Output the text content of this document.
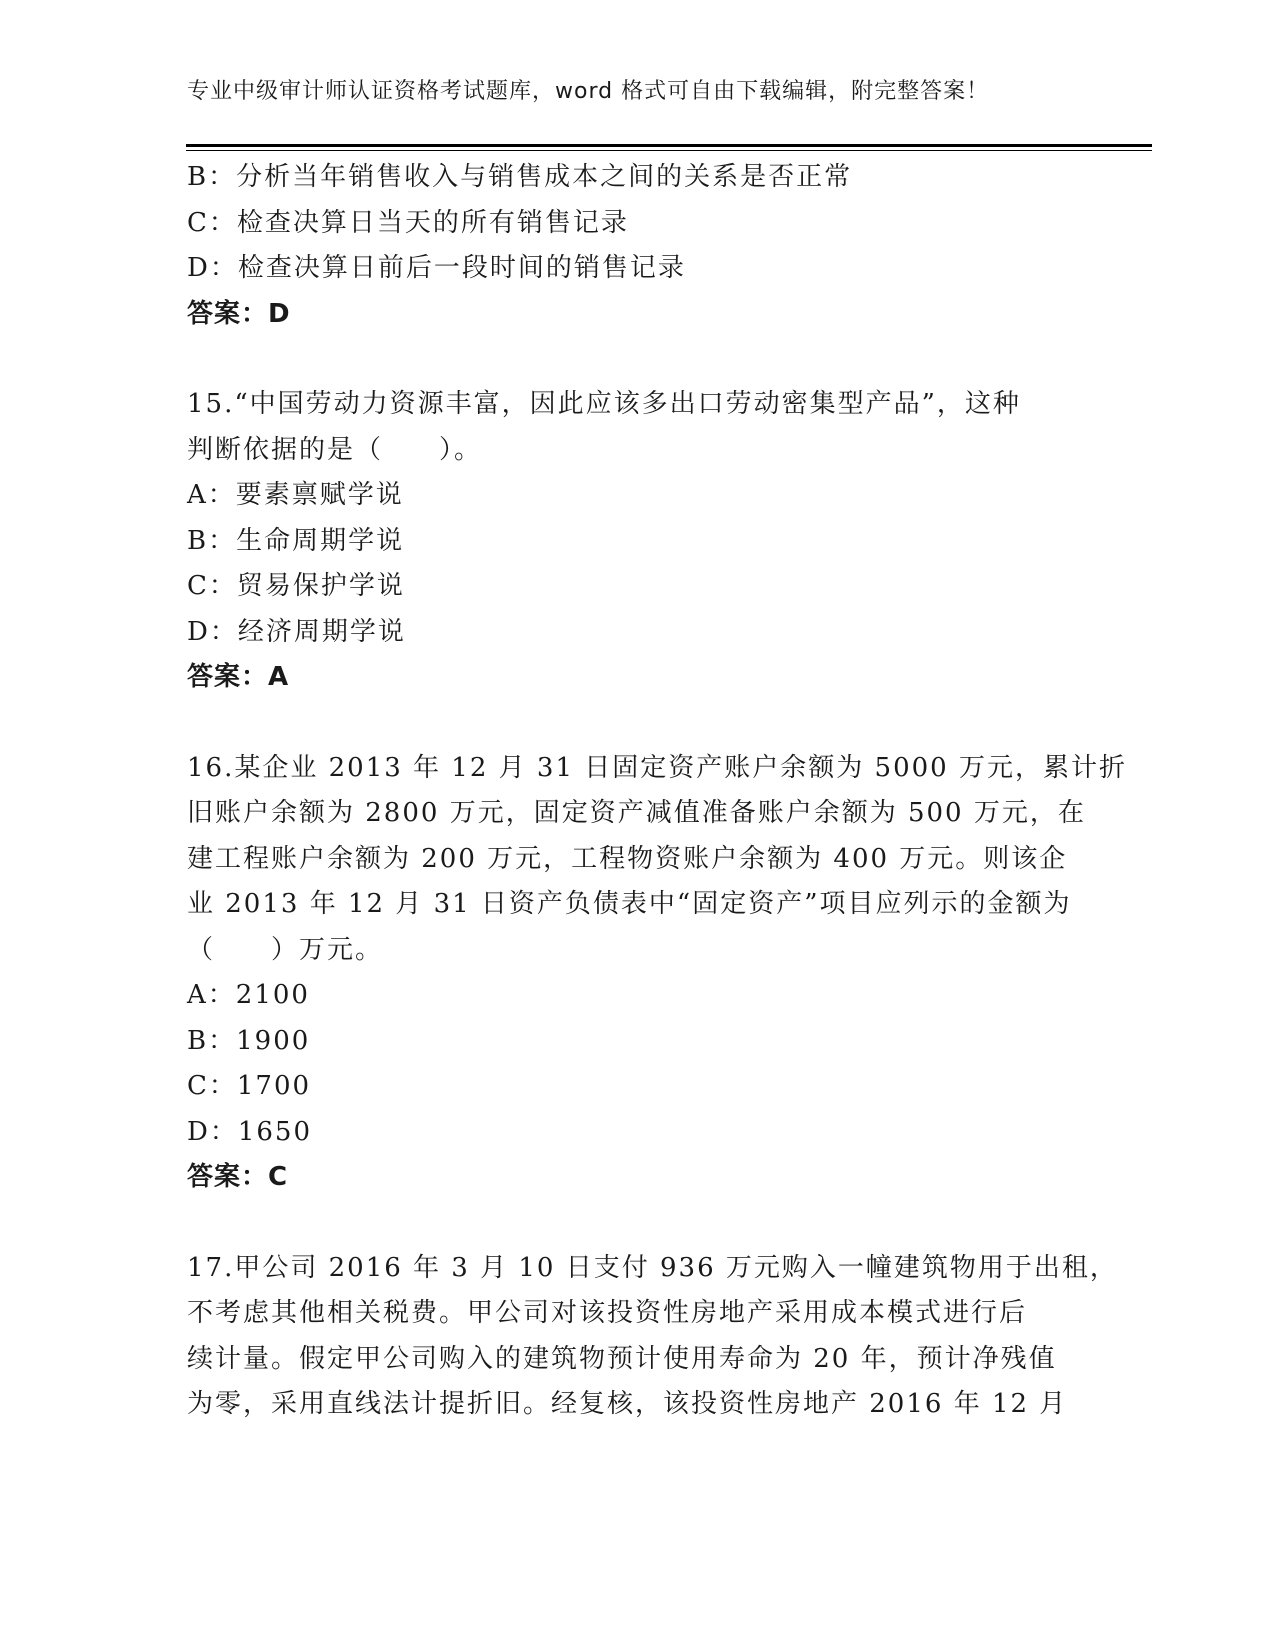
专业中级审计师认证资格考试题库，word 格式可自由下载编辑，附完整答案！
B：分析当年销售收入与销售成本之间的关系是否正常
C：检查决算日当天的所有销售记录
D：检查决算日前后一段时间的销售记录
答案：D
15.“中国劳动力资源丰富，因此应该多出口劳动密集型产品”，这种
判断依据的是（　　）。
A：要素禀赋学说
B：生命周期学说
C：贸易保护学说
D：经济周期学说
答案：A
16.某企业 2013 年 12 月 31 日固定资产账户余额为 5000 万元，累计折
旧账户余额为 2800 万元，固定资产减值准备账户余额为 500 万元，在
建工程账户余额为 200 万元，工程物资账户余额为 400 万元。则该企
业 2013 年 12 月 31 日资产负债表中“固定资产”项目应列示的金额为
（　　）万元。
A：2100
B：1900
C：1700
D：1650
答案：C
17.甲公司 2016 年 3 月 10 日支付 936 万元购入一幢建筑物用于出租，
不考虑其他相关税费。甲公司对该投资性房地产采用成本模式进行后
续计量。假定甲公司购入的建筑物预计使用寿命为 20 年，预计净残值
为零，采用直线法计提折旧。经复核，该投资性房地产 2016 年 12 月
